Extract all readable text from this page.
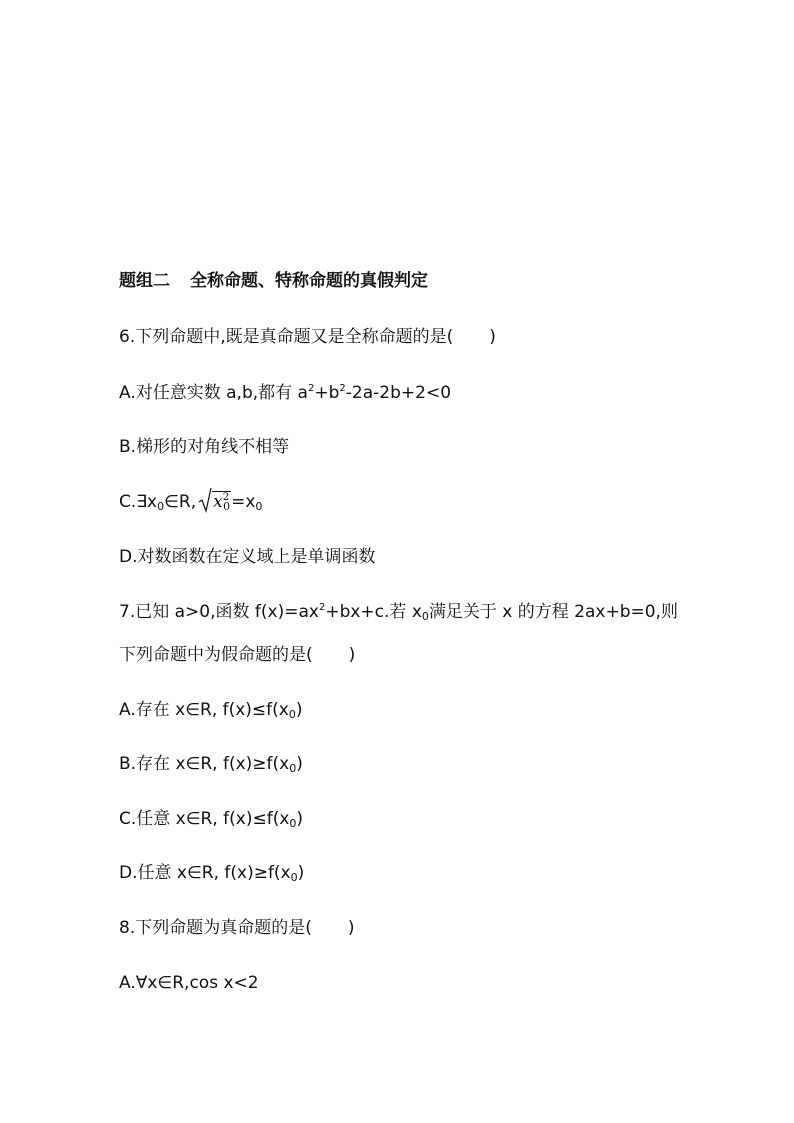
题组二 全称命题、特称命题的真假判定
6.下列命题中,既是真命题又是全称命题的是( )
A.对任意实数 a,b,都有 $a^2+b^2-2a-2b+2<0$
B.梯形的对角线不相等
$C.\exists x_0\in R$, $x^2_0=x_0$
D.对数函数在定义域上是单调函数
7.已知 a>0,函数 $f(x)=ax^2+bx+c$.若 $x_0$满足关于 x 的方程 2ax+b=0,则
下列命题中为假命题的是( )
A.存在 x∈R, $f(x)\le f(x_0)$
B.存在 x∈R, $f(x)\ge f(x_0)$
C.任意 x∈R, $f(x)\le f(x_0)$
D.任意 x∈R, $f(x)\ge f(x_0)$
8.下列命题为真命题的是( )
A.∀x∈R,cos x<2
